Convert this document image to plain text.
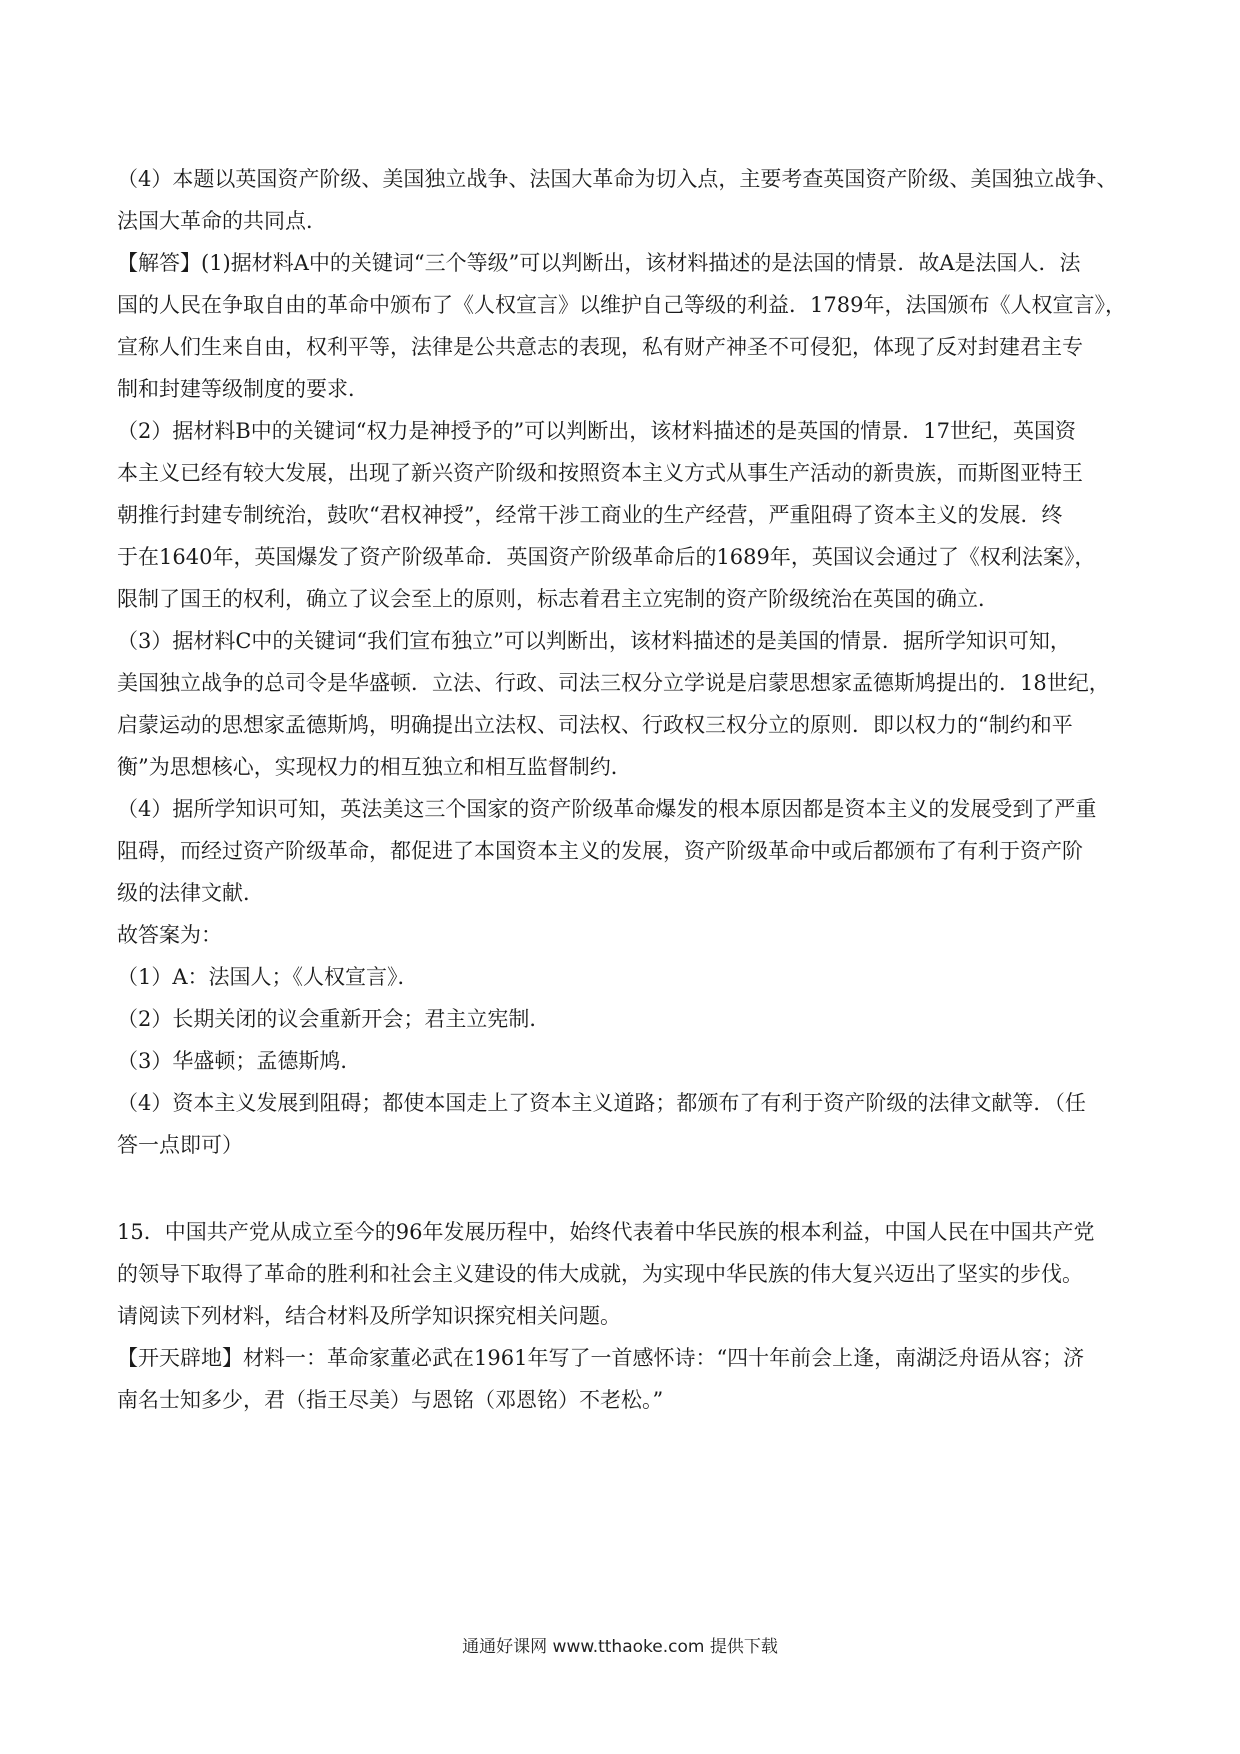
（4）本题以英国资产阶级、美国独立战争、法国大革命为切入点，主要考查英国资产阶级、美国独立战争、
法国大革命的共同点．
【解答】(1)据材料A中的关键词“三个等级”可以判断出，该材料描述的是法国的情景．故A是法国人．法
国的人民在争取自由的革命中颁布了《人权宣言》以维护自己等级的利益．1789年，法国颁布《人权宣言》，
宣称人们生来自由，权利平等，法律是公共意志的表现，私有财产神圣不可侵犯，体现了反对封建君主专
制和封建等级制度的要求．
（2）据材料B中的关键词“权力是神授予的”可以判断出，该材料描述的是英国的情景．17世纪，英国资
本主义已经有较大发展，出现了新兴资产阶级和按照资本主义方式从事生产活动的新贵族，而斯图亚特王
朝推行封建专制统治，鼓吹“君权神授”，经常干涉工商业的生产经营，严重阻碍了资本主义的发展．终
于在1640年，英国爆发了资产阶级革命．英国资产阶级革命后的1689年，英国议会通过了《权利法案》，
限制了国王的权利，确立了议会至上的原则，标志着君主立宪制的资产阶级统治在英国的确立．
（3）据材料C中的关键词“我们宣布独立”可以判断出，该材料描述的是美国的情景．据所学知识可知，
美国独立战争的总司令是华盛顿．立法、行政、司法三权分立学说是启蒙思想家孟德斯鸠提出的．18世纪，
启蒙运动的思想家孟德斯鸠，明确提出立法权、司法权、行政权三权分立的原则．即以权力的“制约和平
衡”为思想核心，实现权力的相互独立和相互监督制约．
（4）据所学知识可知，英法美这三个国家的资产阶级革命爆发的根本原因都是资本主义的发展受到了严重
阻碍，而经过资产阶级革命，都促进了本国资本主义的发展，资产阶级革命中或后都颁布了有利于资产阶
级的法律文献．
故答案为：
（1）A：法国人；《人权宣言》．
（2）长期关闭的议会重新开会；君主立宪制．
（3）华盛顿；孟德斯鸠．
（4）资本主义发展到阻碍；都使本国走上了资本主义道路；都颁布了有利于资产阶级的法律文献等．（任
答一点即可）
15．中国共产党从成立至今的96年发展历程中，始终代表着中华民族的根本利益，中国人民在中国共产党
的领导下取得了革命的胜利和社会主义建设的伟大成就，为实现中华民族的伟大复兴迈出了坚实的步伐。
请阅读下列材料，结合材料及所学知识探究相关问题。
【开天辟地】材料一：革命家董必武在1961年写了一首感怀诗：“四十年前会上逢，南湖泛舟语从容；济
南名士知多少，君（指王尽美）与恩铭（邓恩铭）不老松。”
通通好课网 www.tthaoke.com 提供下载
